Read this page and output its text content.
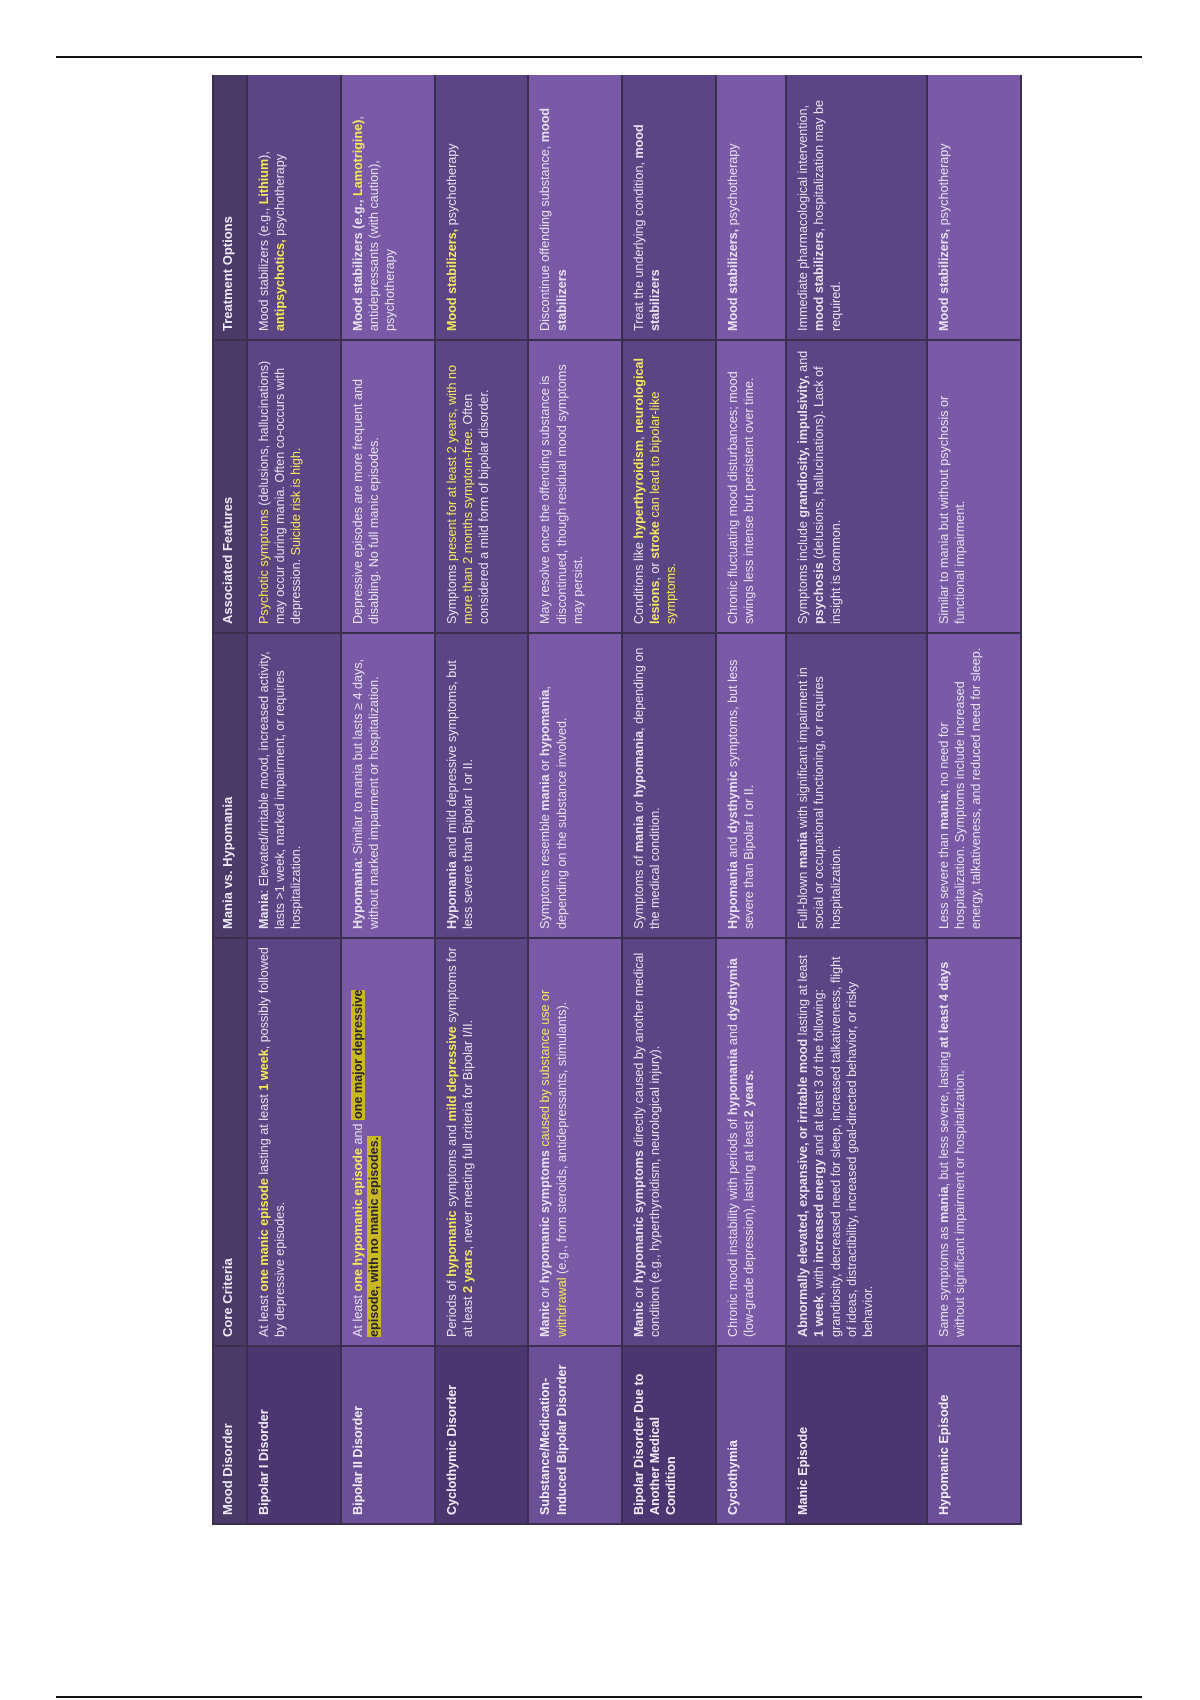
Mood Disorder	Core Criteria	Mania vs. Hypomania	Associated Features	Treatment Options
Bipolar I Disorder	At least one manic episode lasting at least 1 week, possibly followed by depressive episodes.	Mania: Elevated/irritable mood, increased activity, lasts >1 week, marked impairment, or requires hospitalization.	Psychotic symptoms (delusions, hallucinations) may occur during mania. Often co-occurs with depression. Suicide risk is high.	Mood stabilizers (e.g., Lithium), antipsychotics, psychotherapy
Bipolar II Disorder	At least one hypomanic episode and one major depressive episode, with no manic episodes.	Hypomania: Similar to mania but lasts ≥ 4 days, without marked impairment or hospitalization.	Depressive episodes are more frequent and disabling. No full manic episodes.	Mood stabilizers (e.g., Lamotrigine), antidepressants (with caution), psychotherapy
Cyclothymic Disorder	Periods of hypomanic symptoms and mild depressive symptoms for at least 2 years, never meeting full criteria for Bipolar I/II.	Hypomania and mild depressive symptoms, but less severe than Bipolar I or II.	Symptoms present for at least 2 years, with no more than 2 months symptom-free. Often considered a mild form of bipolar disorder.	Mood stabilizers, psychotherapy
Substance/Medication-Induced Bipolar Disorder	Manic or hypomanic symptoms caused by substance use or withdrawal (e.g., from steroids, antidepressants, stimulants).	Symptoms resemble mania or hypomania, depending on the substance involved.	May resolve once the offending substance is discontinued, though residual mood symptoms may persist.	Discontinue offending substance, mood stabilizers
Bipolar Disorder Due to Another Medical Condition	Manic or hypomanic symptoms directly caused by another medical condition (e.g., hyperthyroidism, neurological injury).	Symptoms of mania or hypomania, depending on the medical condition.	Conditions like hyperthyroidism, neurological lesions, or stroke can lead to bipolar-like symptoms.	Treat the underlying condition, mood stabilizers
Cyclothymia	Chronic mood instability with periods of hypomania and dysthymia (low-grade depression), lasting at least 2 years.	Hypomania and dysthymic symptoms, but less severe than Bipolar I or II.	Chronic fluctuating mood disturbances; mood swings less intense but persistent over time.	Mood stabilizers, psychotherapy
Manic Episode	Abnormally elevated, expansive, or irritable mood lasting at least 1 week, with increased energy and at least 3 of the following: grandiosity, decreased need for sleep, increased talkativeness, flight of ideas, distractibility, increased goal-directed behavior, or risky behavior.	Full-blown mania with significant impairment in social or occupational functioning, or requires hospitalization.	Symptoms include grandiosity, impulsivity, and psychosis (delusions, hallucinations). Lack of insight is common.	Immediate pharmacological intervention, mood stabilizers, hospitalization may be required.
Hypomanic Episode	Same symptoms as mania, but less severe, lasting at least 4 days without significant impairment or hospitalization.	Less severe than mania; no need for hospitalization. Symptoms include increased energy, talkativeness, and reduced need for sleep.	Similar to mania but without psychosis or functional impairment.	Mood stabilizers, psychotherapy
